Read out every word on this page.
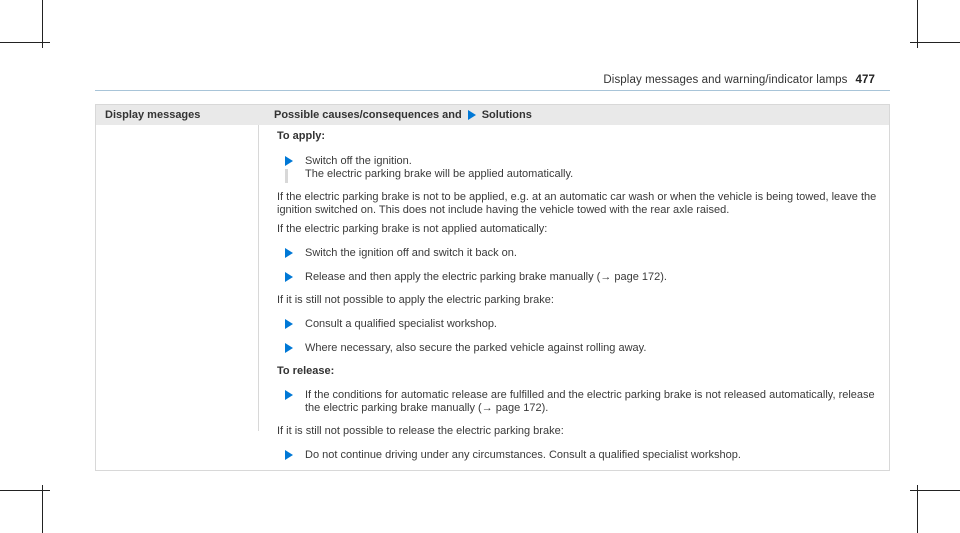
Display messages and warning/indicator lamps 477
Display messages	Possible causes/consequences and Solutions

To apply:

Switch off the ignition.

The electric parking brake will be applied automatically.

If the electric parking brake is not to be applied, e.g. at an automatic car wash or when the vehicle is being towed, leave the ignition switched on. This does not include having the vehicle towed with the rear axle raised.

If the electric parking brake is not applied automatically:

Switch the ignition off and switch it back on.

Release and then apply the electric parking brake manually (→ page 172).

If it is still not possible to apply the electric parking brake:

Consult a qualified specialist workshop.

Where necessary, also secure the parked vehicle against rolling away.

To release:

If the conditions for automatic release are fulfilled and the electric parking brake is not released automatically, release the electric parking brake manually (→ page 172).

If it is still not possible to release the electric parking brake:

Do not continue driving under any circumstances. Consult a qualified specialist workshop.
